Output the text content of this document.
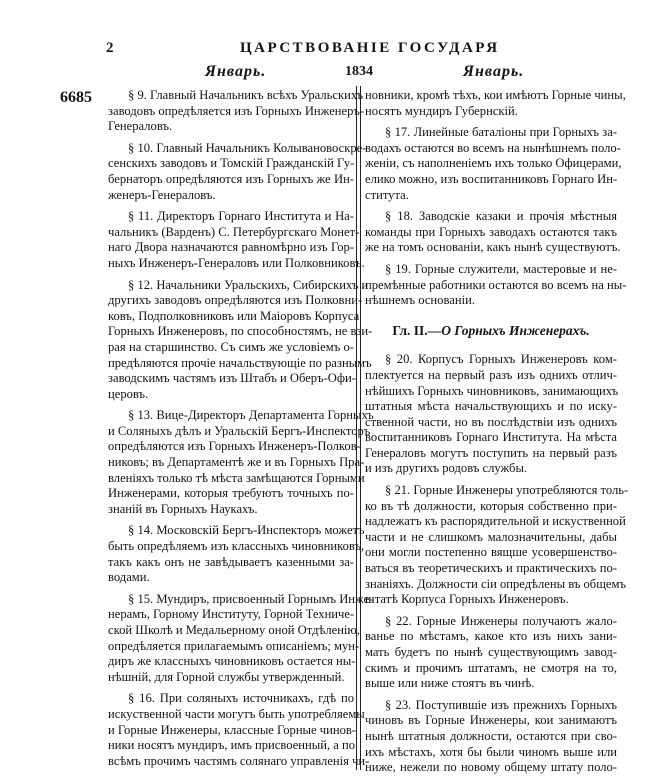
2	ЦАРСТВОВАНІЕ ГОСУДАРЯ
Январь.	1834	Январь.
6685	§ 9. Главный Начальникъ всѣхъ Уральскихъ
заводовъ опредѣляется изъ Горныхъ Инженеръ-
Генераловъ.
§ 10. Главный Начальникъ Колывановоскре-
сенскихъ заводовъ и Томскій Гражданскій Гу-
бернаторъ опредѣляются изъ Горныхъ же Ин-
женеръ-Генераловъ.
§ 11. Директоръ Горнаго Института и На-
чальникъ (Варденъ) С. Петербургскаго Монет-
наго Двора назначаются равномѣрно изъ Гор-
ныхъ Инженеръ-Генераловъ или Полковниковъ.
§ 12. Начальники Уральскихъ, Сибирскихъ и
другихъ заводовъ опредѣляются изъ Полковни-
ковъ, Подполковниковъ или Маіоровъ Корпуса
Горныхъ Инженеровъ, по способностямъ, не взи-
рая на старшинство. Съ симъ же условіемъ о-
предѣляются прочіе начальствующіе по разнымъ
заводскимъ частямъ изъ Штабъ и Оберъ-Офи-
церовъ.
§ 13. Вице-Директоръ Департамента Горныхъ
и Соляныхъ дѣлъ и Уральскій Бергъ-Инспекторъ
опредѣляются изъ Горныхъ Инженеръ-Полков-
никовъ; въ Департаментѣ же и въ Горныхъ Пра-
вленіяхъ только тѣ мѣста замѣщаются Горными
Инженерами, которыя требуютъ точныхъ по-
знаній въ Горныхъ Наукахъ.
§ 14. Московскій Бергъ-Инспекторъ можетъ
быть опредѣляемъ изъ классныхъ чиновниковъ,
такъ какъ онъ не завѣдываетъ казенными за-
водами.
§ 15. Мундиръ, присвоенный Горнымъ Инже-
нерамъ, Горному Институту, Горной Техниче-
ской Школѣ и Медальерному оной Отдѣленію,
опредѣляется прилагаемымъ описаніемъ; мун-
диръ же классныхъ чиновниковъ остается ны-
нѣшній, для Горной службы утвержденный.
§ 16. При соляныхъ источникахъ, гдѣ по
искуственной части могутъ быть употребляемы
и Горные Инженеры, классные Горные чинов-
ники носятъ мундиръ, имъ присвоенный, а по
всѣмъ прочимъ частямъ солянаго управленія чи-
новники, кромѣ тѣхъ, кои имѣютъ Горные чины,
носятъ мундиръ Губернскій.
§ 17. Линейные баталіоны при Горныхъ за-
водахъ остаются во всемъ на нынѣшнемъ поло-
женіи, съ наполненіемъ ихъ только Офицерами,
елико можно, изъ воспитанниковъ Горнаго Ин-
ститута.
§ 18. Заводскіе казаки и прочія мѣстныя
команды при Горныхъ заводахъ остаются такъ
же на томъ основаніи, какъ нынѣ существуютъ.
§ 19. Горные служители, мастеровые и не-
премѣнные работники остаются во всемъ на ны-
нѣшнемъ основаніи.
Гл. II.—О Горныхъ Инженерахъ.
§ 20. Корпусъ Горныхъ Инженеровъ ком-
плектуется на первый разъ изъ однихъ отлич-
нѣйшихъ Горныхъ чиновниковъ, занимающихъ
штатныя мѣста начальствующихъ и по иску-
ственной части, но въ послѣдствіи изъ однихъ
воспитанниковъ Горнаго Института. На мѣста
Генераловъ могутъ поступить на первый разъ
и изъ другихъ родовъ службы.
§ 21. Горные Инженеры употребляются толь-
ко въ тѣ должности, которыя собственно при-
надлежатъ къ распорядительной и искуственной
части и не слишкомъ малозначительны, дабы
они могли постепенно вящше усовершенство-
ваться въ теоретическихъ и практическихъ по-
знаніяхъ. Должности сіи опредѣлены въ общемъ
штатѣ Корпуса Горныхъ Инженеровъ.
§ 22. Горные Инженеры получаютъ жало-
ванье по мѣстамъ, какое кто изъ нихъ зани-
мать будетъ по нынѣ существующимъ завод-
скимъ и прочимъ штатамъ, не смотря на то,
выше или ниже стоятъ въ чинѣ.
§ 23. Поступившіе изъ прежнихъ Горныхъ
чиновъ въ Горные Инженеры, кои занимаютъ
нынѣ штатныя должности, остаются при сво-
ихъ мѣстахъ, хотя бы были чиномъ выше или
ниже, нежели по новому общему штату поло-
